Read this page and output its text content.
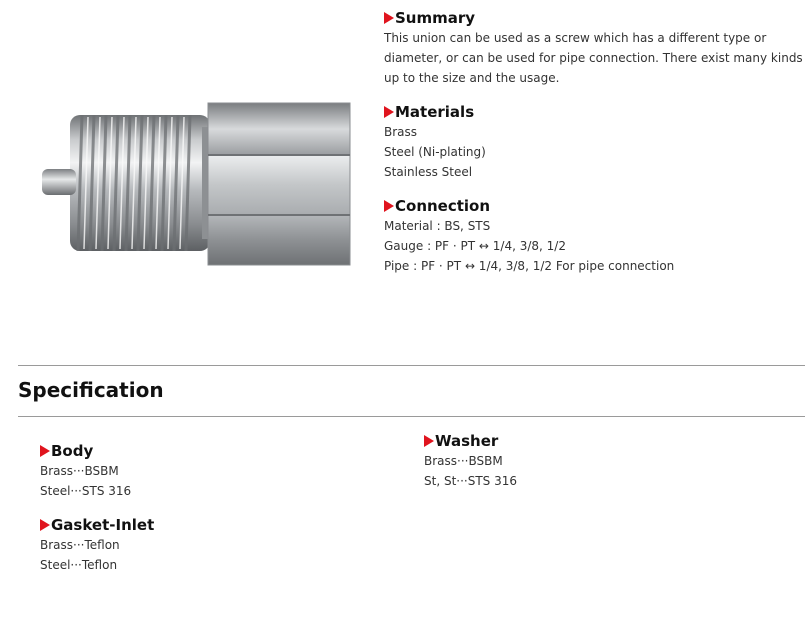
Summary

This union can be used as a screw which has a different type or diameter, or can be used for pipe connection. There exist many kinds up to the size and the usage.

Materials
Brass
Steel (Ni-plating)
Stainless Steel
Connection
Material : BS, STS
Gauge : PF · PT ↔ 1/4, 3/8, 1/2
Pipe : PF · PT ↔ 1/4, 3/8, 1/2 For pipe connection
Specification
Body
Brass···BSBM
Steel···STS 316
Gasket-Inlet
Brass···Teflon
Steel···Teflon
Washer
Brass···BSBM
St, St···STS 316
